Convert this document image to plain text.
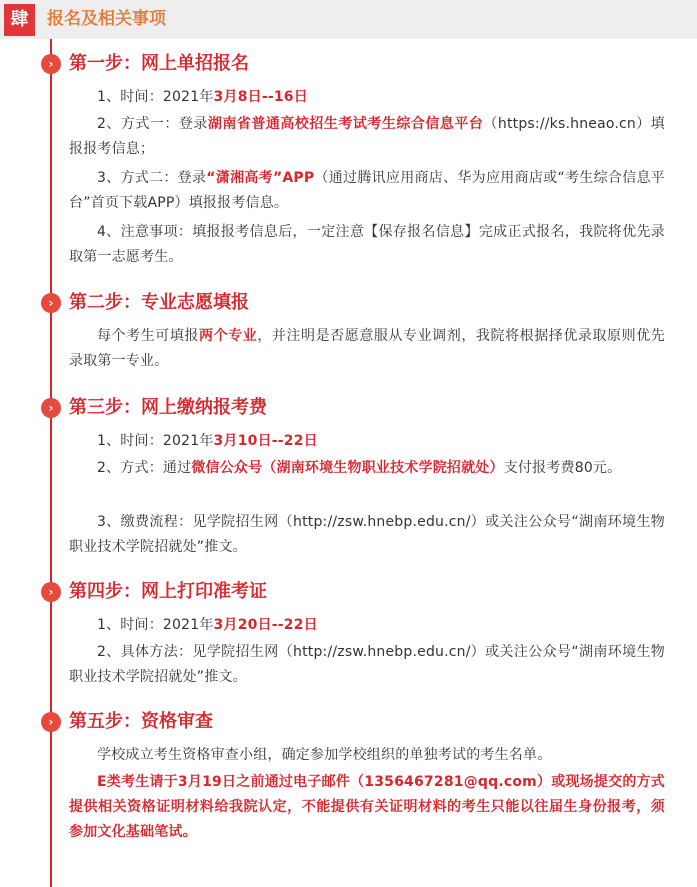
肆	报名及相关事项
› 第一步：网上单招报名
1、时间：2021年3月8日--16日
2、方式一：登录湖南省普通高校招生考试考生综合信息平台（https://ks.hneao.cn）填报报考信息；
3、方式二：登录“潇湘高考”APP（通过腾讯应用商店、华为应用商店或“考生综合信息平台”首页下载APP）填报报考信息。
4、注意事项：填报报考信息后，一定注意【保存报名信息】完成正式报名，我院将优先录取第一志愿考生。
› 第二步：专业志愿填报
每个考生可填报两个专业，并注明是否愿意服从专业调剂，我院将根据择优录取原则优先录取第一专业。
› 第三步：网上缴纳报考费
1、时间：2021年3月10日--22日
2、方式：通过微信公众号（湖南环境生物职业技术学院招就处）支付报考费80元。
3、缴费流程：见学院招生网（http://zsw.hnebp.edu.cn/）或关注公众号“湖南环境生物职业技术学院招就处”推文。
› 第四步：网上打印准考证
1、时间：2021年3月20日--22日
2、具体方法：见学院招生网（http://zsw.hnebp.edu.cn/）或关注公众号“湖南环境生物职业技术学院招就处”推文。
› 第五步：资格审查
学校成立考生资格审查小组，确定参加学校组织的单独考试的考生名单。
E类考生请于3月19日之前通过电子邮件（1356467281@qq.com）或现场提交的方式提供相关资格证明材料给我院认定，不能提供有关证明材料的考生只能以往届生身份报考，须参加文化基础笔试。
